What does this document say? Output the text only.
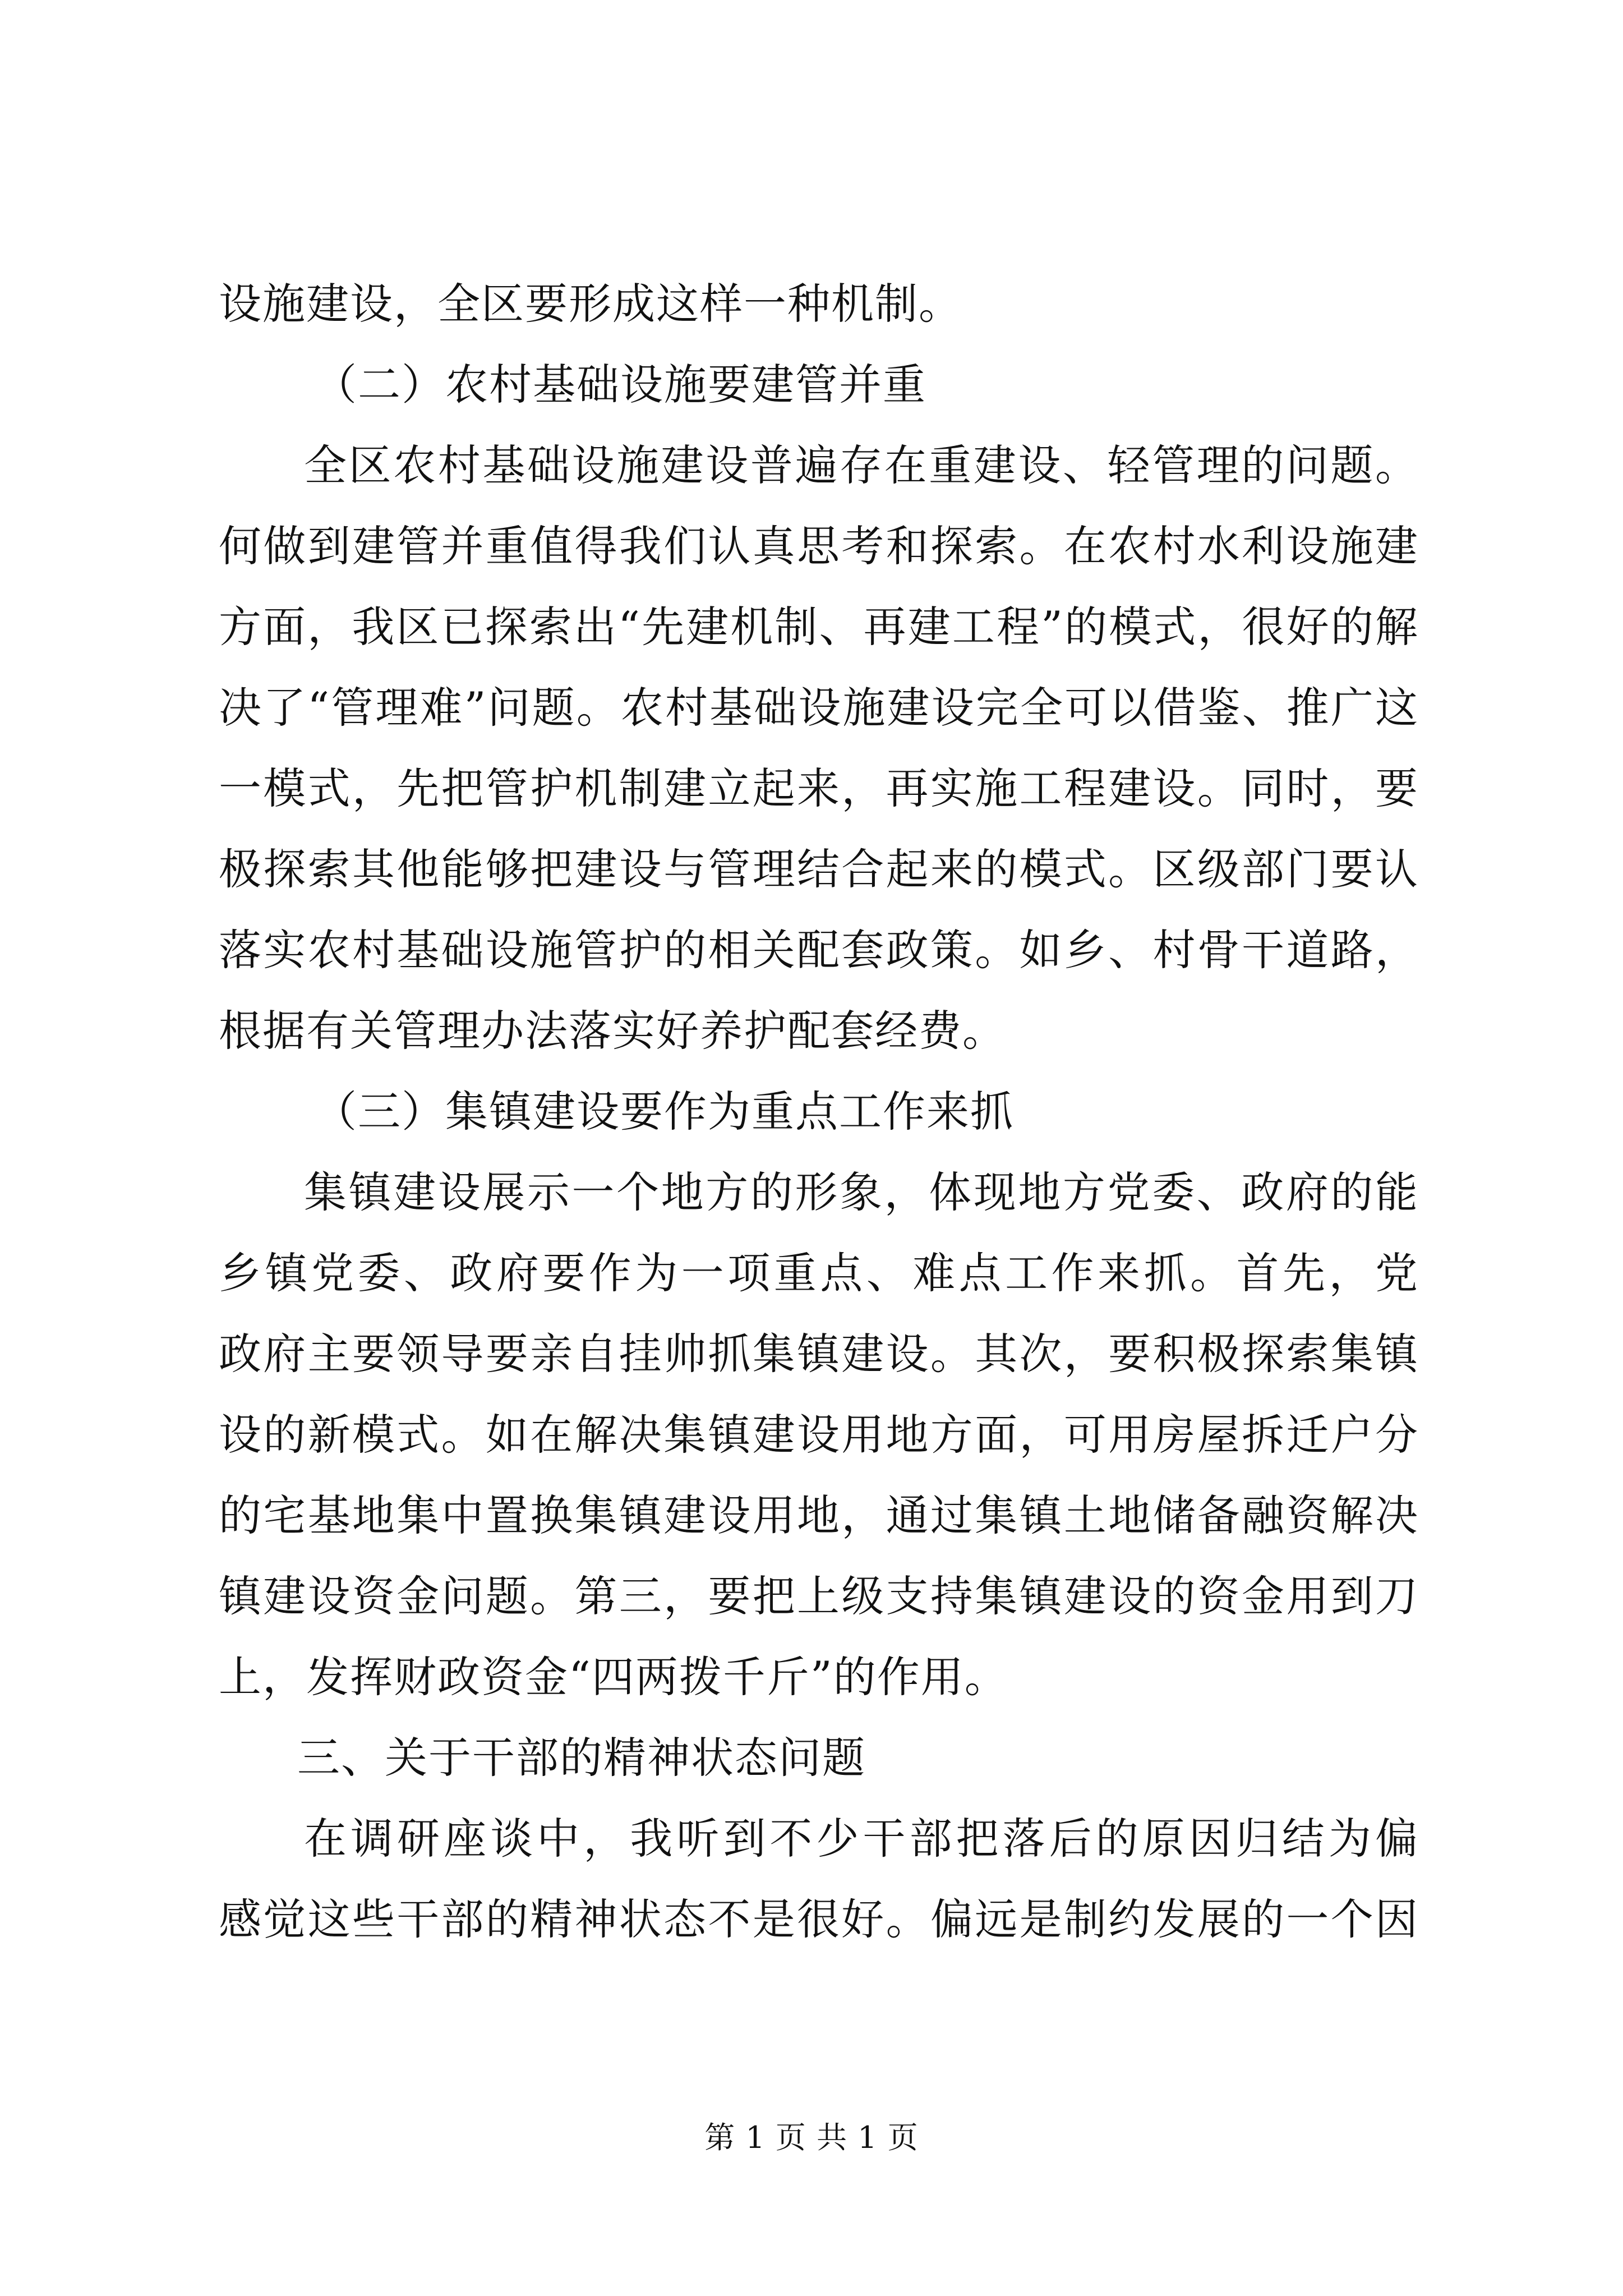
设施建设，全区要形成这样一种机制。
（二）农村基础设施要建管并重
全区农村基础设施建设普遍存在重建设、轻管理的问题。
何做到建管并重值得我们认真思考和探索。在农村水利设施建
方面，我区已探索出“先建机制、再建工程”的模式，很好的解
决了“管理难”问题。农村基础设施建设完全可以借鉴、推广这
一模式，先把管护机制建立起来，再实施工程建设。同时，要
极探索其他能够把建设与管理结合起来的模式。区级部门要认
落实农村基础设施管护的相关配套政策。如乡、村骨干道路，
根据有关管理办法落实好养护配套经费。
（三）集镇建设要作为重点工作来抓
集镇建设展示一个地方的形象，体现地方党委、政府的能
乡镇党委、政府要作为一项重点、难点工作来抓。首先，党
政府主要领导要亲自挂帅抓集镇建设。其次，要积极探索集镇
设的新模式。如在解决集镇建设用地方面，可用房屋拆迁户分
的宅基地集中置换集镇建设用地，通过集镇土地储备融资解决
镇建设资金问题。第三，要把上级支持集镇建设的资金用到刀
上，发挥财政资金“四两拨千斤”的作用。
三、关于干部的精神状态问题
在调研座谈中，我听到不少干部把落后的原因归结为偏
感觉这些干部的精神状态不是很好。偏远是制约发展的一个因
第 1 页 共 1 页
